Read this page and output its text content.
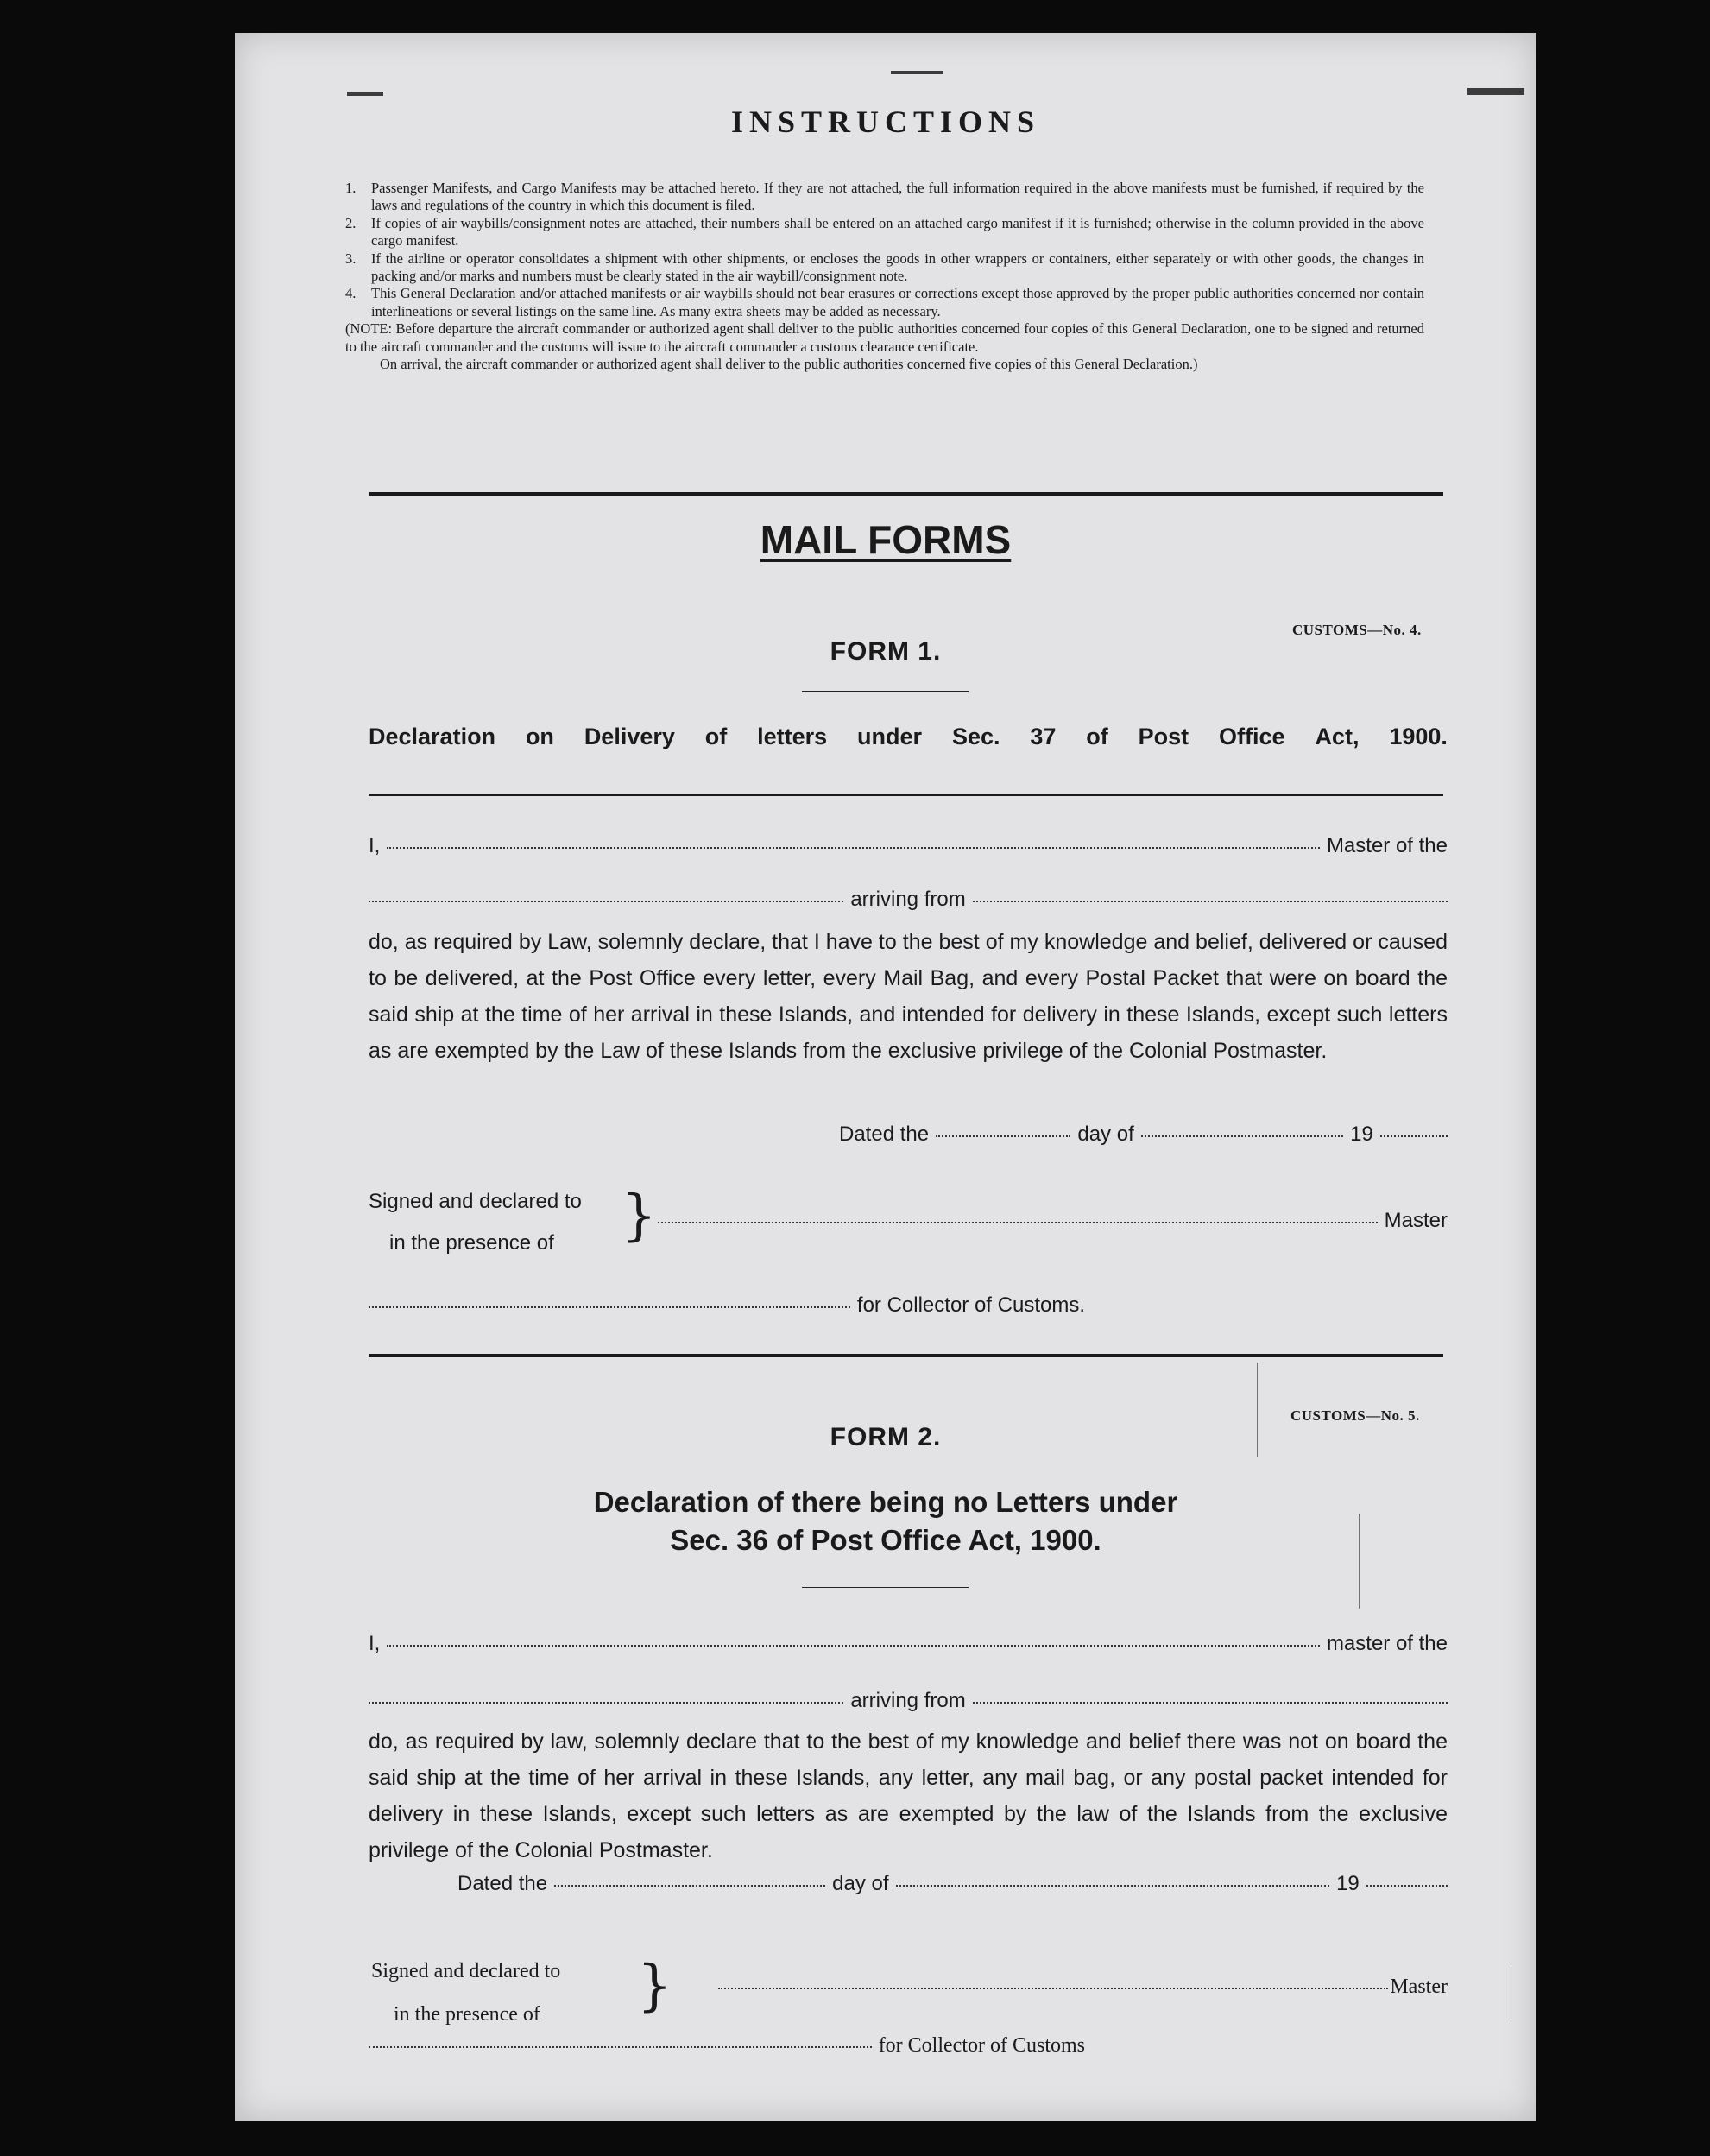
INSTRUCTIONS
1.	Passenger Manifests, and Cargo Manifests may be attached hereto. If they are not attached, the full information required in the above manifests must be furnished, if required by the laws and regulations of the country in which this document is filed.
2.	If copies of air waybills/consignment notes are attached, their numbers shall be entered on an attached cargo manifest if it is furnished; otherwise in the column provided in the above cargo manifest.
3.	If the airline or operator consolidates a shipment with other shipments, or encloses the goods in other wrappers or containers, either separately or with other goods, the changes in packing and/or marks and numbers must be clearly stated in the air waybill/consignment note.
4.	This General Declaration and/or attached manifests or air waybills should not bear erasures or corrections except those approved by the proper public authorities concerned nor contain interlineations or several listings on the same line. As many extra sheets may be added as necessary.
(NOTE: Before departure the aircraft commander or authorized agent shall deliver to the public authorities concerned four copies of this General Declaration, one to be signed and returned to the aircraft commander and the customs will issue to the aircraft commander a customs clearance certificate.
On arrival, the aircraft commander or authorized agent shall deliver to the public authorities concerned five copies of this General Declaration.)
MAIL FORMS
CUSTOMS—No. 4.
FORM 1.
Declaration on Delivery of letters under Sec. 37 of Post Office Act, 1900.
I,	Master of the
arriving from
do, as required by Law, solemnly declare, that I have to the best of my knowledge and belief, delivered or caused to be delivered, at the Post Office every letter, every Mail Bag, and every Postal Packet that were on board the said ship at the time of her arrival in these Islands, and intended for delivery in these Islands, except such letters as are exempted by the Law of these Islands from the exclusive privilege of the Colonial Postmaster.
Dated the	day of	19
Signed and declared to
in the presence of	}	Master
for Collector of Customs.
CUSTOMS—No. 5.
FORM 2.
Declaration of there being no Letters under
Sec. 36 of Post Office Act, 1900.
I,	master of the
arriving from
do, as required by law, solemnly declare that to the best of my knowledge and belief there was not on board the said ship at the time of her arrival in these Islands, any letter, any mail bag, or any postal packet intended for delivery in these Islands, except such letters as are exempted by the law of the Islands from the exclusive privilege of the Colonial Postmaster.
Dated the	day of	19
Signed and declared to
in the presence of	}	Master
for Collector of Customs
